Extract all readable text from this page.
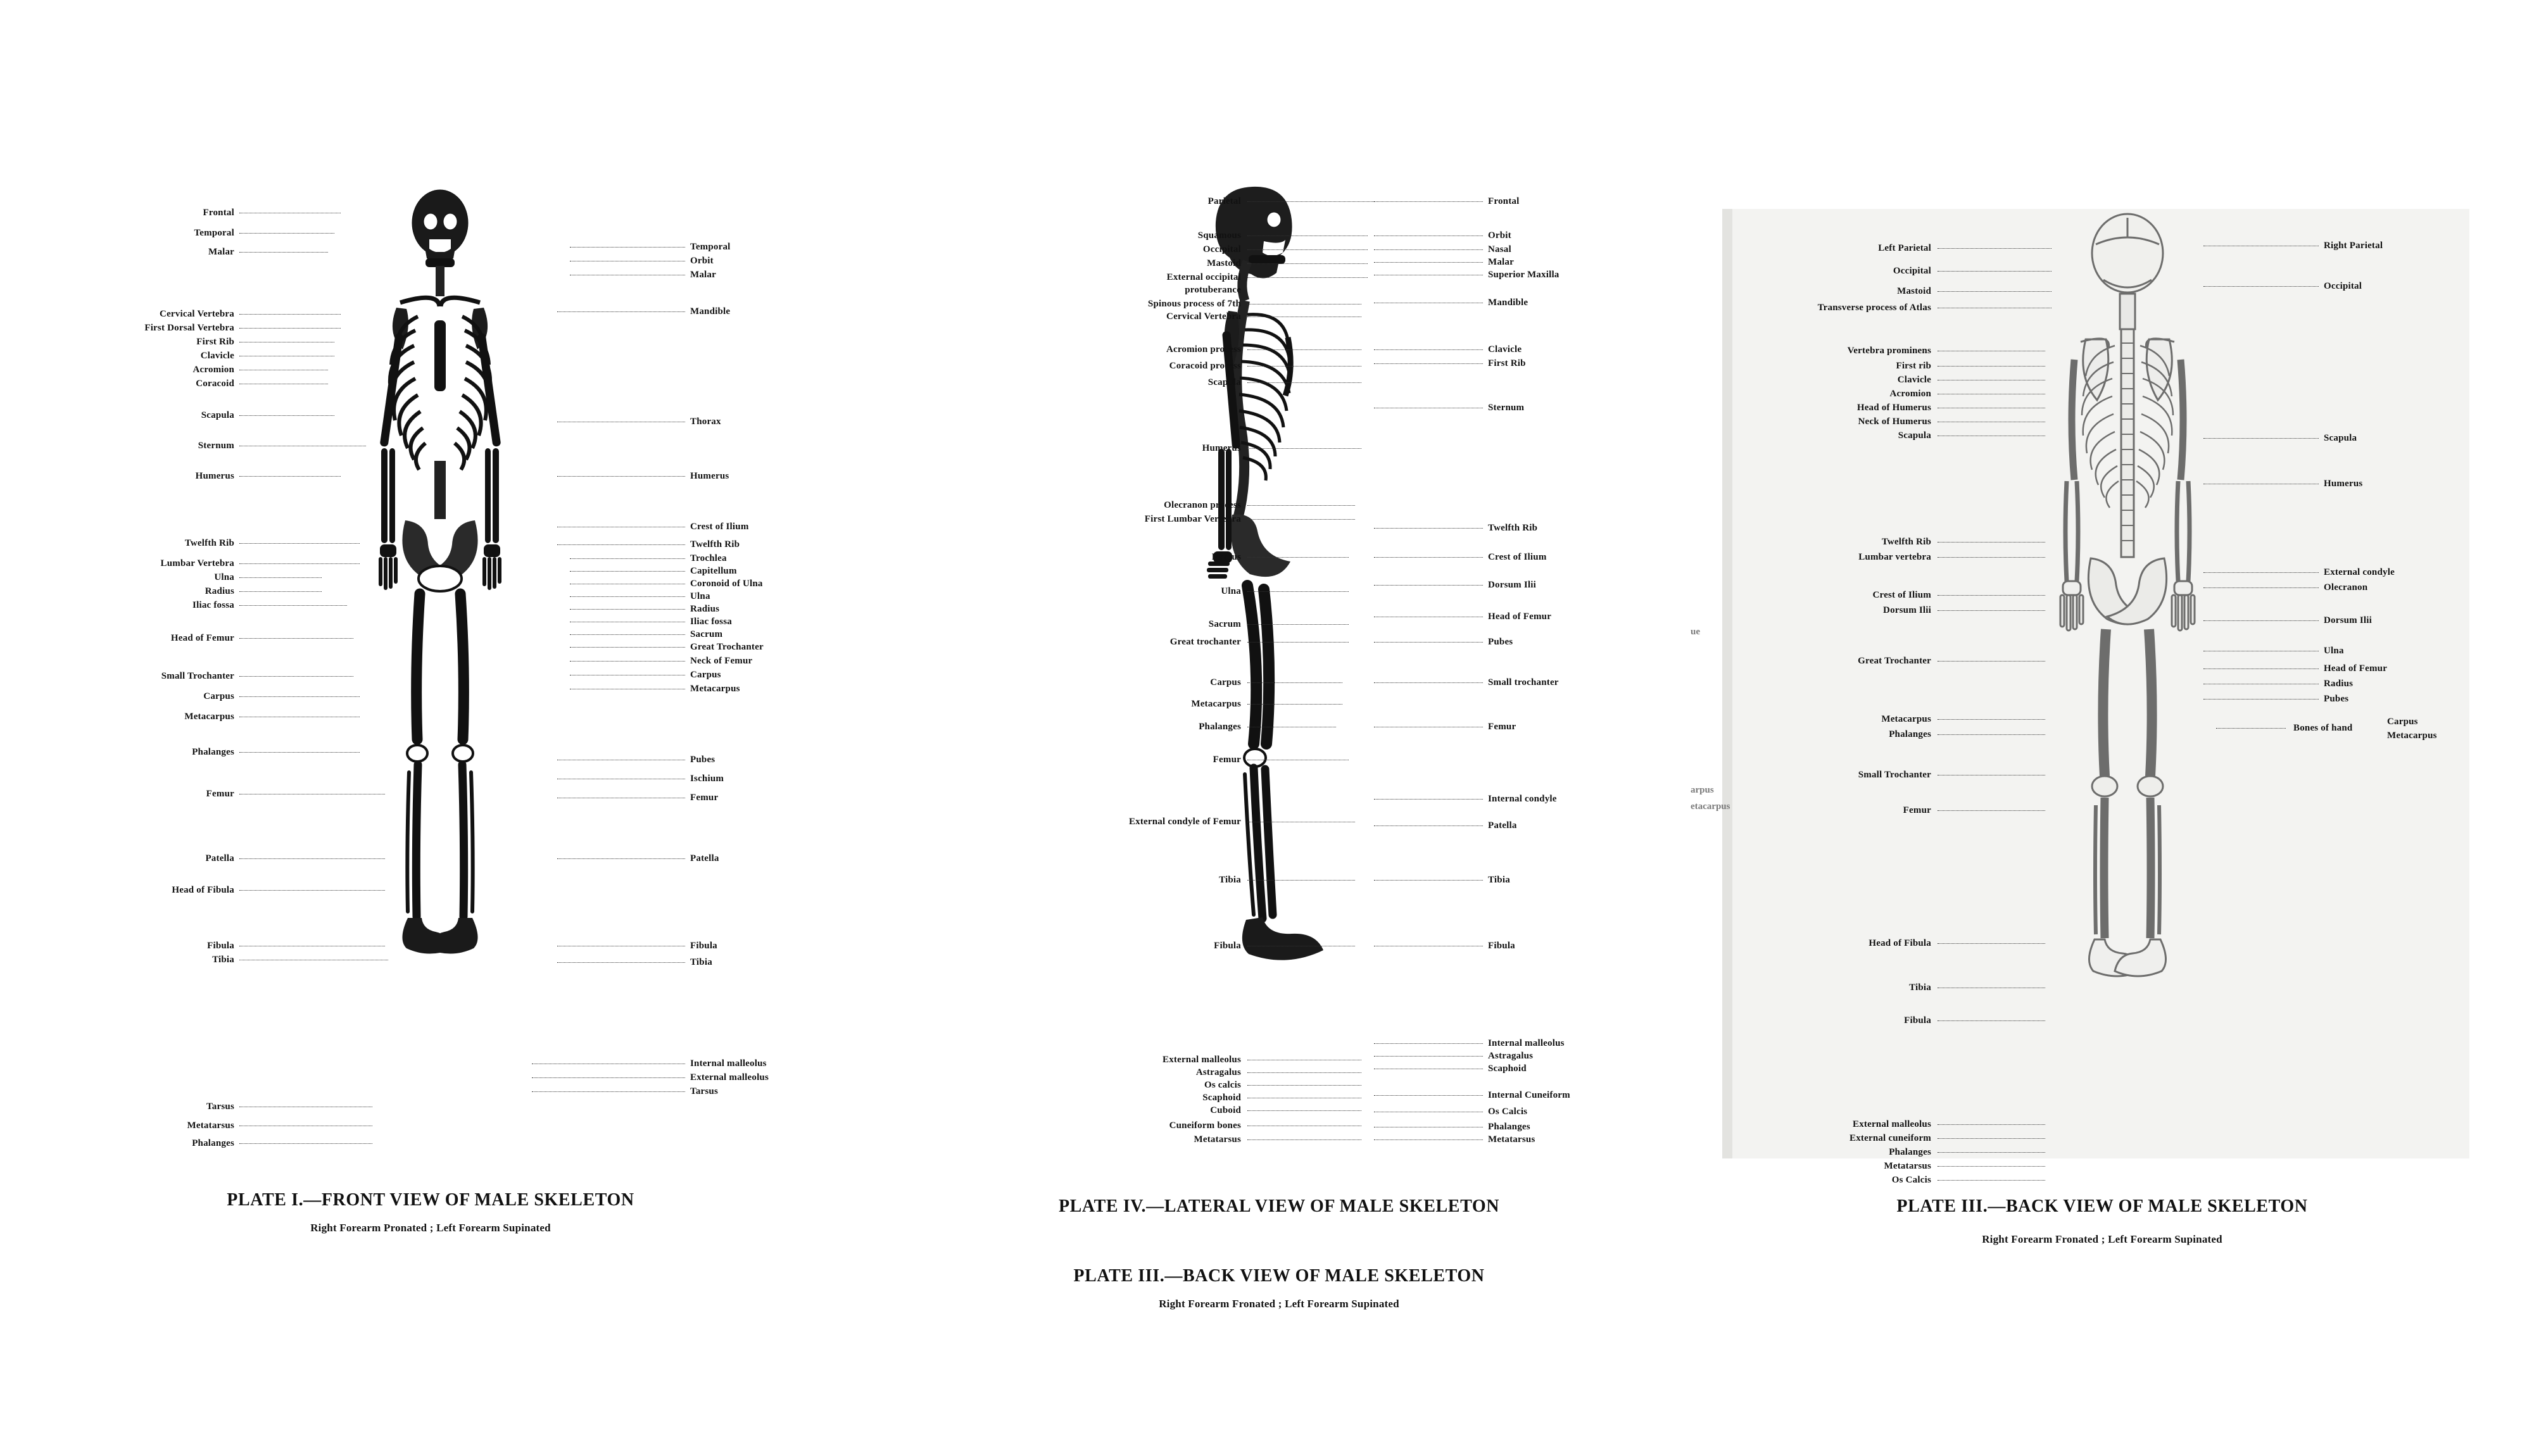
Frontal
Temporal
Malar
Cervical Vertebra
First Dorsal Vertebra
First Rib
Clavicle
Acromion
Coracoid
Scapula
Sternum
Humerus
Twelfth Rib
Lumbar Vertebra
Ulna
Radius
Iliac fossa
Head of Femur
Small Trochanter
Carpus
Metacarpus
Phalanges
Femur
Patella
Head of Fibula
Fibula
Tibia
Tarsus
Metatarsus
Phalanges
Temporal
Orbit
Malar
Mandible
Thorax
Humerus
Crest of Ilium
Twelfth Rib
Trochlea
Capitellum
Coronoid of Ulna
Ulna
Radius
Iliac fossa
Sacrum
Great Trochanter
Neck of Femur
Carpus
Metacarpus
Pubes
Ischium
Femur
Patella
Fibula
Tibia
Internal malleolus
External malleolus
Tarsus
PLATE I.—FRONT VIEW OF MALE SKELETON
Right Forearm Pronated ; Left Forearm Supinated
Parietal
Squamous
Occipital
Mastoid
External occipital
protuberance
Spinous process of 7th
Cervical Vertebra
Acromion process
Coracoid process
Scapula
Humerus
Olecranon process
First Lumbar Vertebra
Radius
Ulna
Sacrum
Great trochanter
Carpus
Metacarpus
Phalanges
Femur
External condyle of Femur
Tibia
Fibula
External malleolus
Astragalus
Os calcis
Scaphoid
Cuboid
Cuneiform bones
Metatarsus
Frontal
Orbit
Nasal
Malar
Superior Maxilla
Mandible
Clavicle
First Rib
Sternum
Twelfth Rib
Crest of Ilium
Dorsum Ilii
Head of Femur
Pubes
Small trochanter
Femur
Internal condyle
Patella
Tibia
Fibula
Internal malleolus
Astragalus
Scaphoid
Internal Cuneiform
Os Calcis
Phalanges
Metatarsus
PLATE IV.—LATERAL VIEW OF MALE SKELETON
PLATE III.—BACK VIEW OF MALE SKELETON
Right Forearm Fronated ; Left Forearm Supinated
ue
arpus
etacarpus
Left Parietal
Occipital
Mastoid
Transverse process of Atlas
Vertebra prominens
First rib
Clavicle
Acromion
Head of Humerus
Neck of Humerus
Scapula
Twelfth Rib
Lumbar vertebra
Crest of Ilium
Dorsum Ilii
Great Trochanter
Metacarpus
Phalanges
Small Trochanter
Femur
Head of Fibula
Tibia
Fibula
External malleolus
External cuneiform
Phalanges
Metatarsus
Os Calcis
Right Parietal
Occipital
Scapula
Humerus
External condyle
Olecranon
Dorsum Ilii
Ulna
Head of Femur
Radius
Pubes
Bones of hand
Carpus
Metacarpus
PLATE III.—BACK VIEW OF MALE SKELETON
Right Forearm Fronated ; Left Forearm Supinated
